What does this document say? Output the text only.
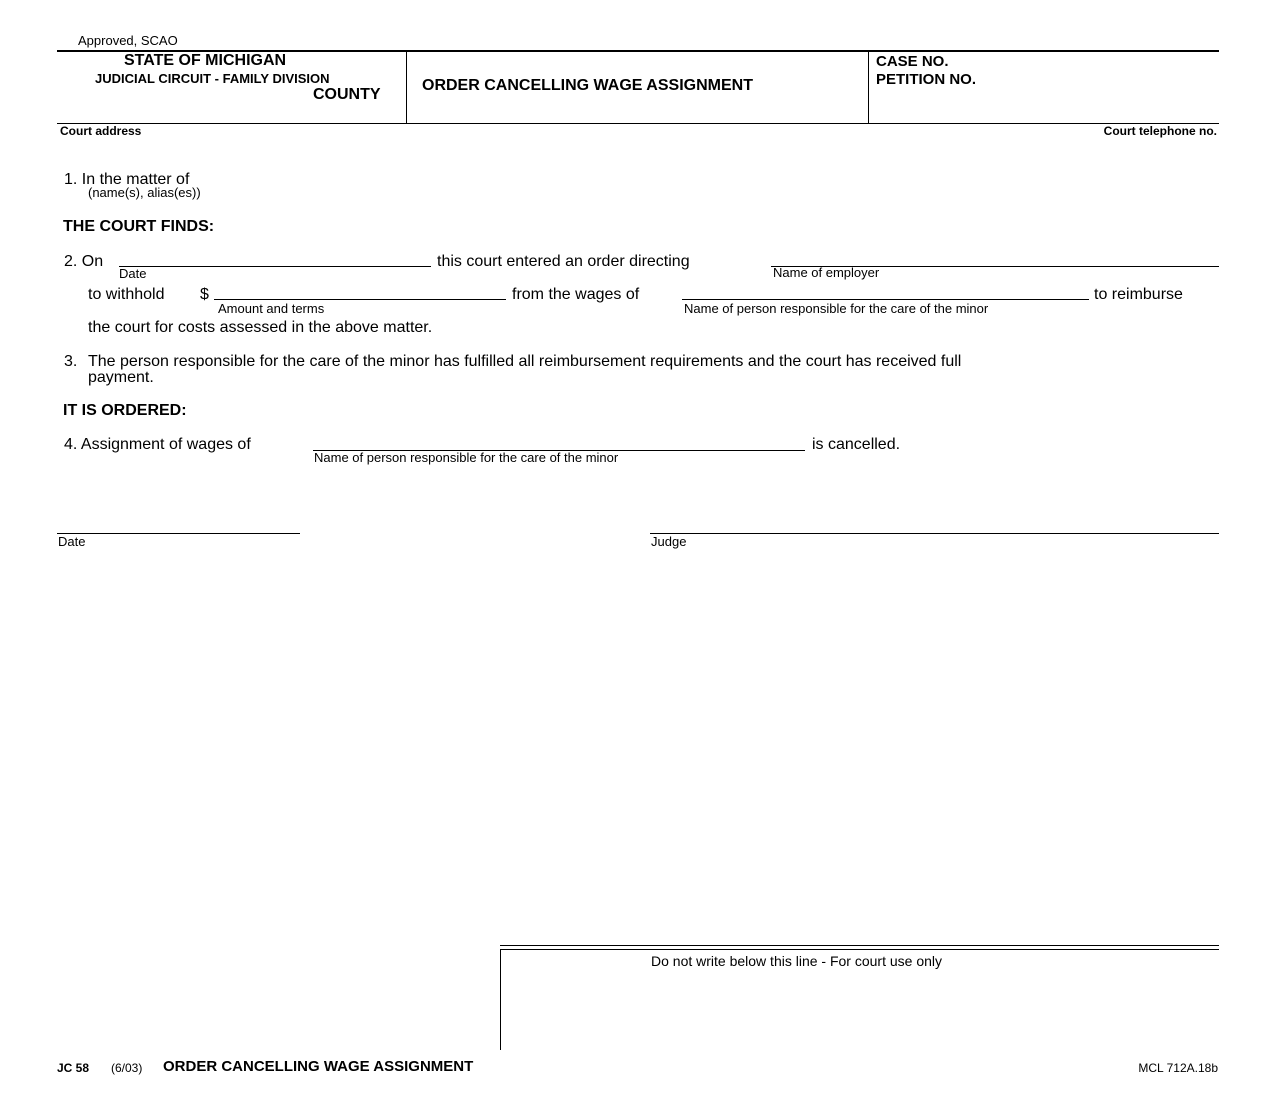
Approved, SCAO
STATE OF MICHIGAN
JUDICIAL CIRCUIT - FAMILY DIVISION
COUNTY
ORDER CANCELLING WAGE ASSIGNMENT
CASE NO.
PETITION NO.
Court address	Court telephone no.
1. In the matter of
(name(s), alias(es))
THE COURT FINDS:
2. On
Date
this court entered an order directing
Name of employer
to withhold $
Amount and terms
from the wages of
Name of person responsible for the care of the minor
to reimburse
the court for costs assessed in the above matter.
3. The person responsible for the care of the minor has fulfilled all reimbursement requirements and the court has received full
payment.
IT IS ORDERED:
4. Assignment of wages of
Name of person responsible for the care of the minor
is cancelled.
Date	Judge
Do not write below this line - For court use only
JC 58 (6/03) ORDER CANCELLING WAGE ASSIGNMENT	MCL 712A.18b
